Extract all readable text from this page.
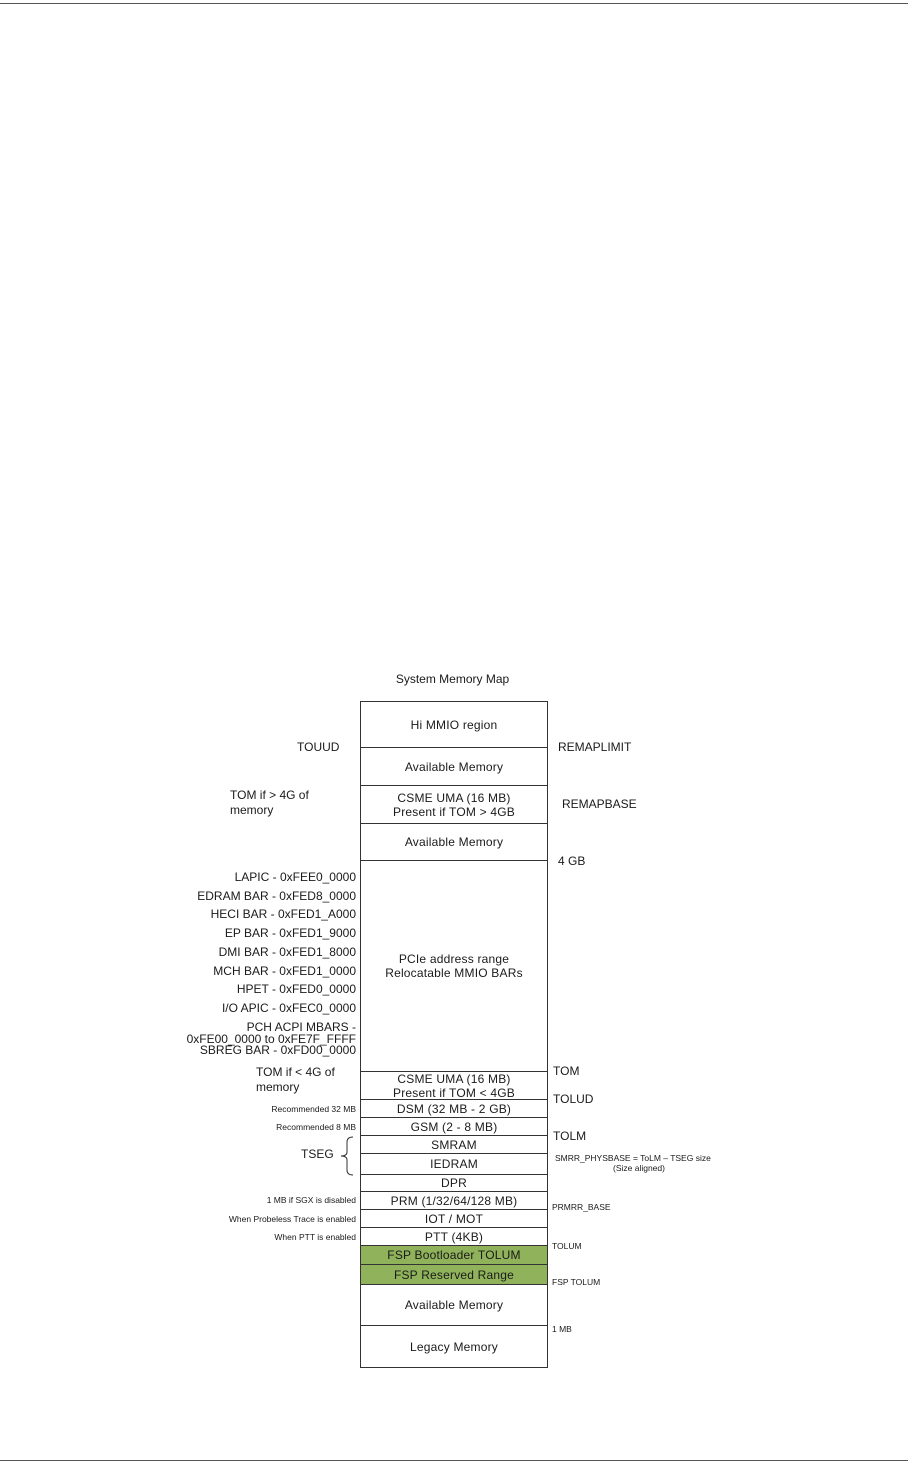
System Memory Map
Hi MMIO region
Available Memory
CSME UMA (16 MB)
Present if TOM > 4GB
Available Memory
PCIe address range
Relocatable MMIO BARs
CSME UMA (16 MB)
Present if TOM < 4GB
DSM (32 MB - 2 GB)
GSM (2 - 8 MB)
SMRAM
IEDRAM
DPR
PRM (1/32/64/128 MB)
IOT / MOT
PTT (4KB)
FSP Bootloader TOLUM
FSP Reserved Range
Available Memory
Legacy Memory
REMAPLIMIT
REMAPBASE
4 GB
TOM
TOLUD
TOLM
SMRR_PHYSBASE = ToLM – TSEG size
(Size aligned)
PRMRR_BASE
TOLUM
FSP TOLUM
1 MB
TOUUD
TOM if > 4G of
memory
TOM if < 4G of
memory
Recommended 32 MB
Recommended 8 MB
TSEG
1 MB if SGX is disabled
When Probeless Trace is enabled
When PTT is enabled
LAPIC - 0xFEE0_0000
EDRAM BAR - 0xFED8_0000
HECI BAR - 0xFED1_A000
EP BAR - 0xFED1_9000
DMI BAR - 0xFED1_8000
MCH BAR - 0xFED1_0000
HPET - 0xFED0_0000
I/O APIC - 0xFEC0_0000
PCH ACPI MBARS -
0xFE00_0000 to 0xFE7F_FFFF
SBREG BAR - 0xFD00_0000
